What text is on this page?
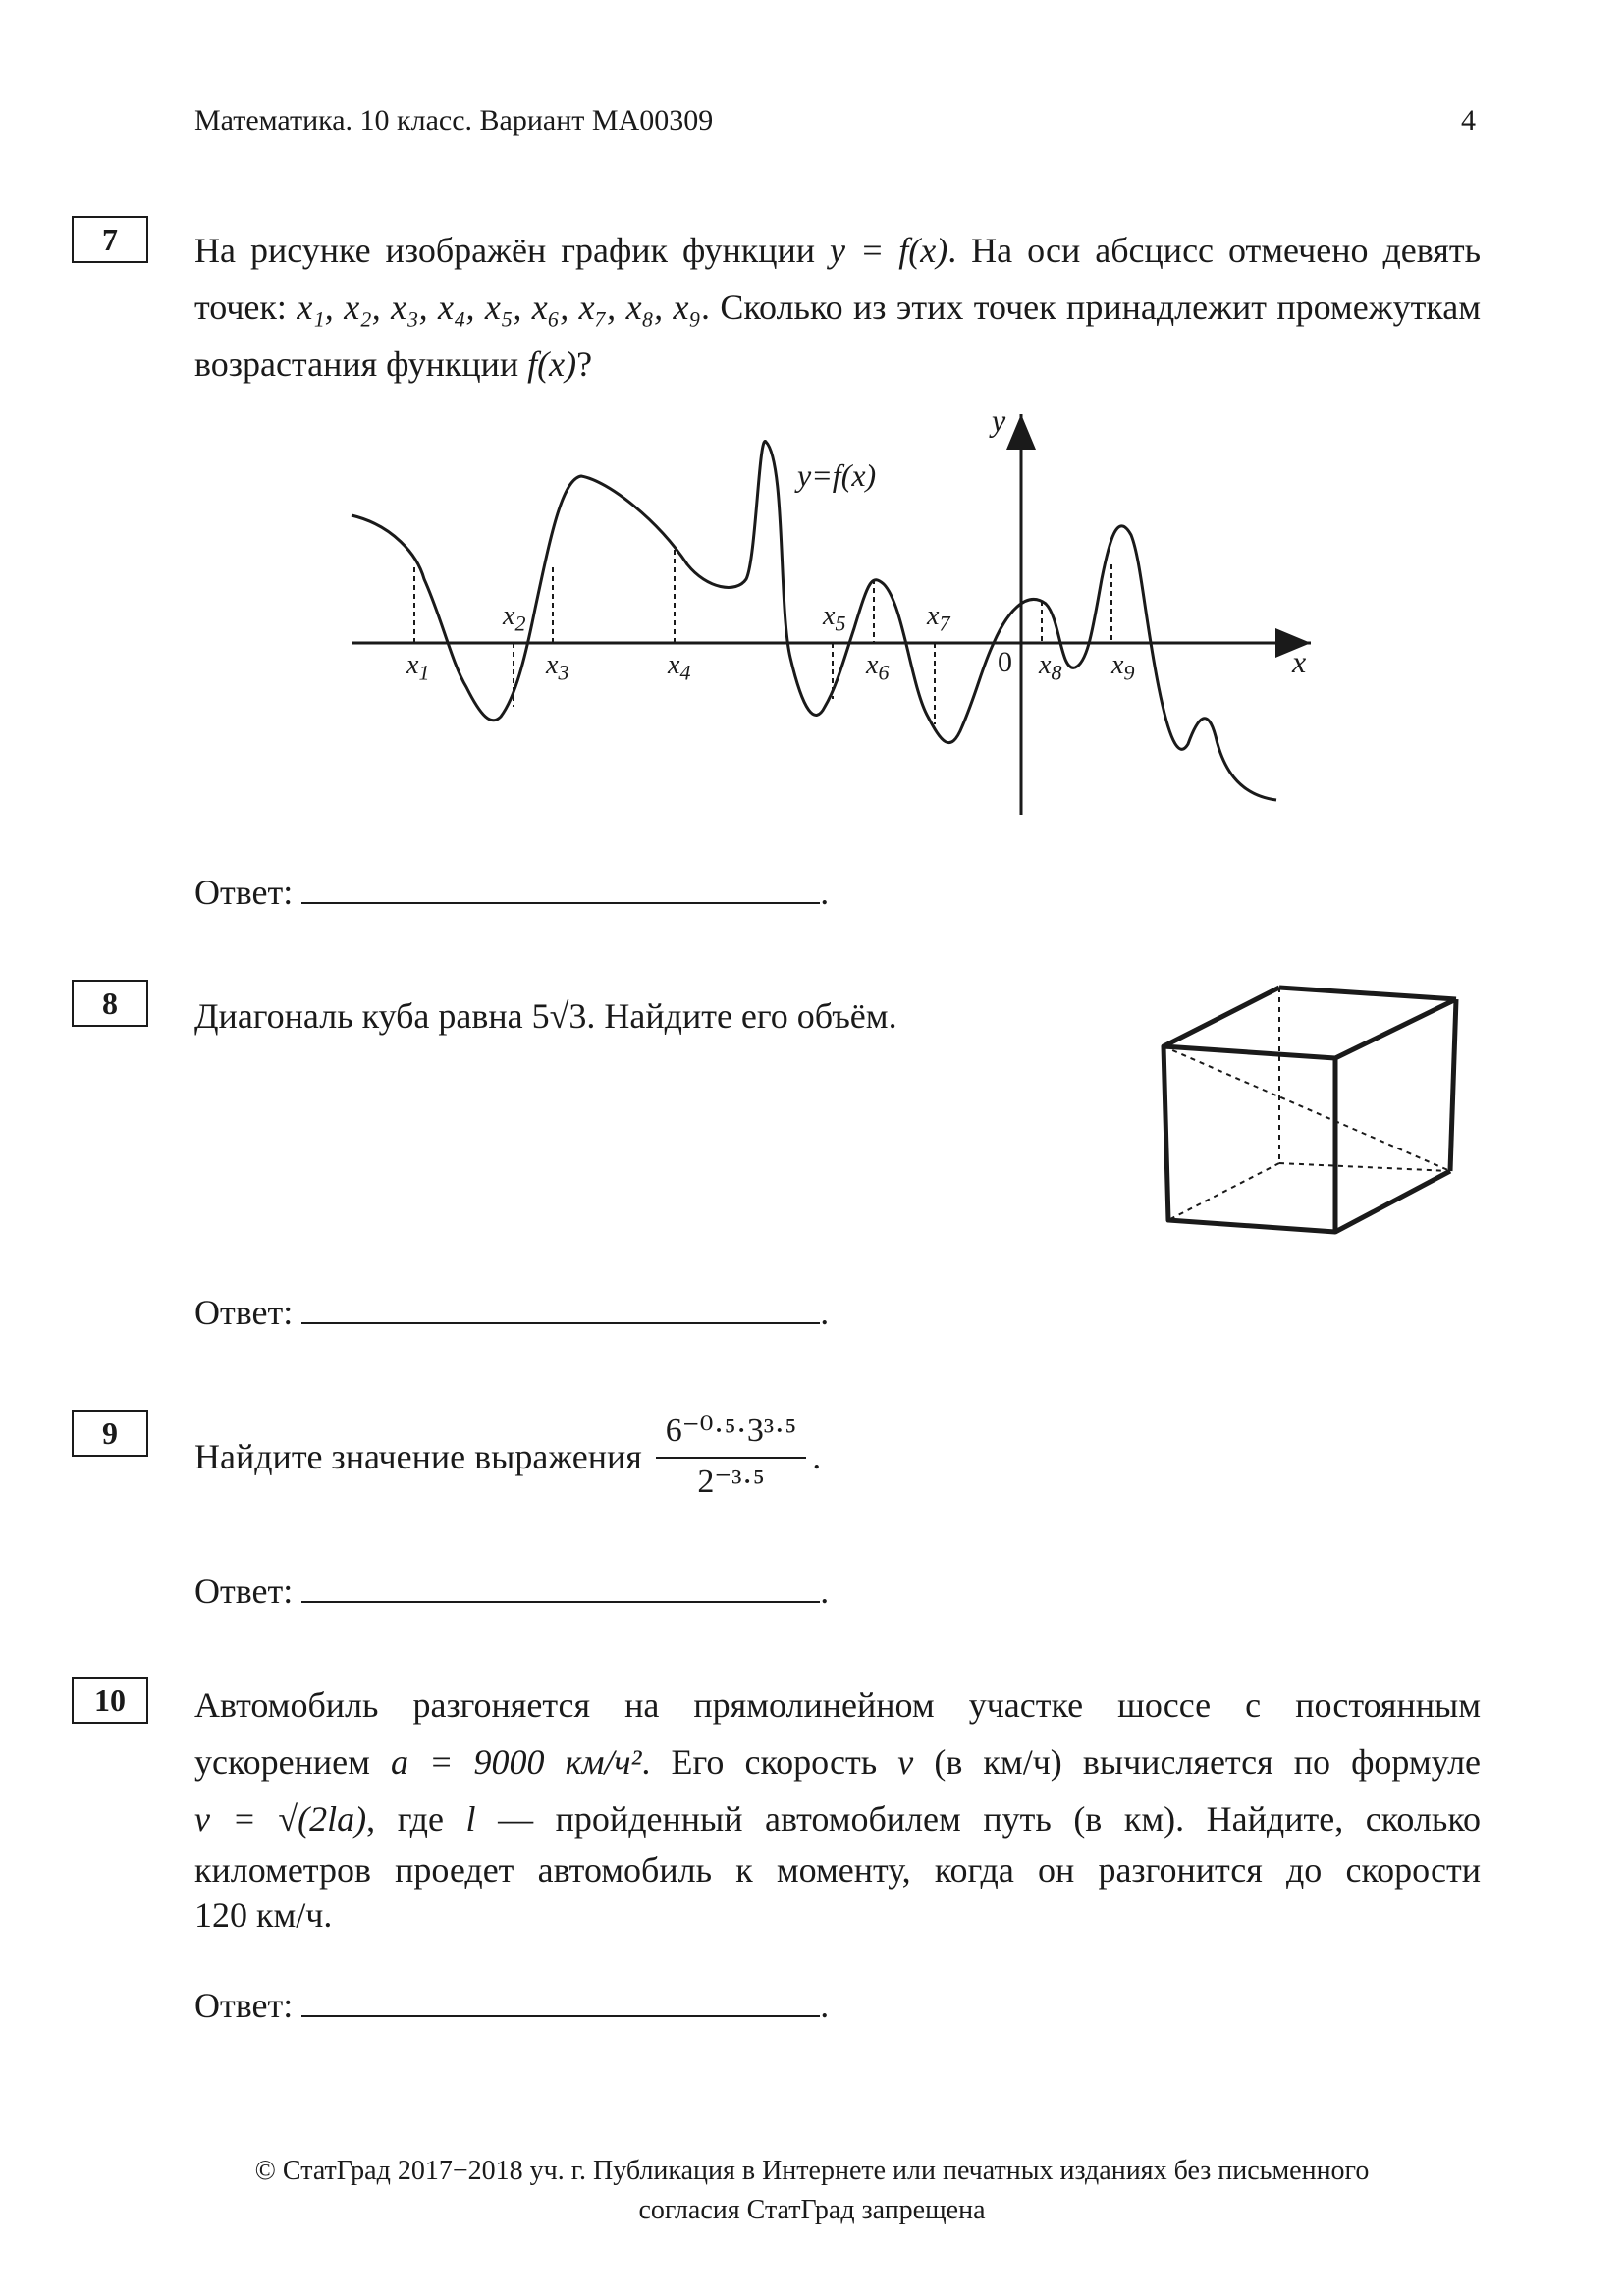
Математика. 10 класс. Вариант МА00309	4
7	На рисунке изображён график функции y = f(x). На оси абсцисс отмечено девять точек: x₁, x₂, x₃, x₄, x₅, x₆, x₇, x₈, x₉. Сколько из этих точек принадлежит промежуткам возрастания функции f(x)?
y=f(x)
y
x
0
$x_1$
$x_2$
$x_3$	$x_4$
$x_5$
$x_6$
$x_7$
$x_8$ $x_9$
Ответ:	.
8	Диагональ куба равна 5√3. Найдите его объём.
Ответ:	.
9
Найдите значение выражения $\frac{\text{6⁻⁰·⁵·3³·⁵}}{\text{2⁻³·⁵}}$ .
Ответ:	.
10	Автомобиль разгоняется на прямолинейном участке шоссе с постоянным
ускорением a = 9000 км/ч². Его скорость v (в км/ч) вычисляется по формуле
v = √(2la), где l — пройденный автомобилем путь (в км). Найдите, сколько
километров проедет автомобиль к моменту, когда он разгонится до скорости
120 км/ч.
Ответ:	.
© СтатГрад 2017−2018 уч. г. Публикация в Интернете или печатных изданиях без письменного
согласия СтатГрад запрещена
